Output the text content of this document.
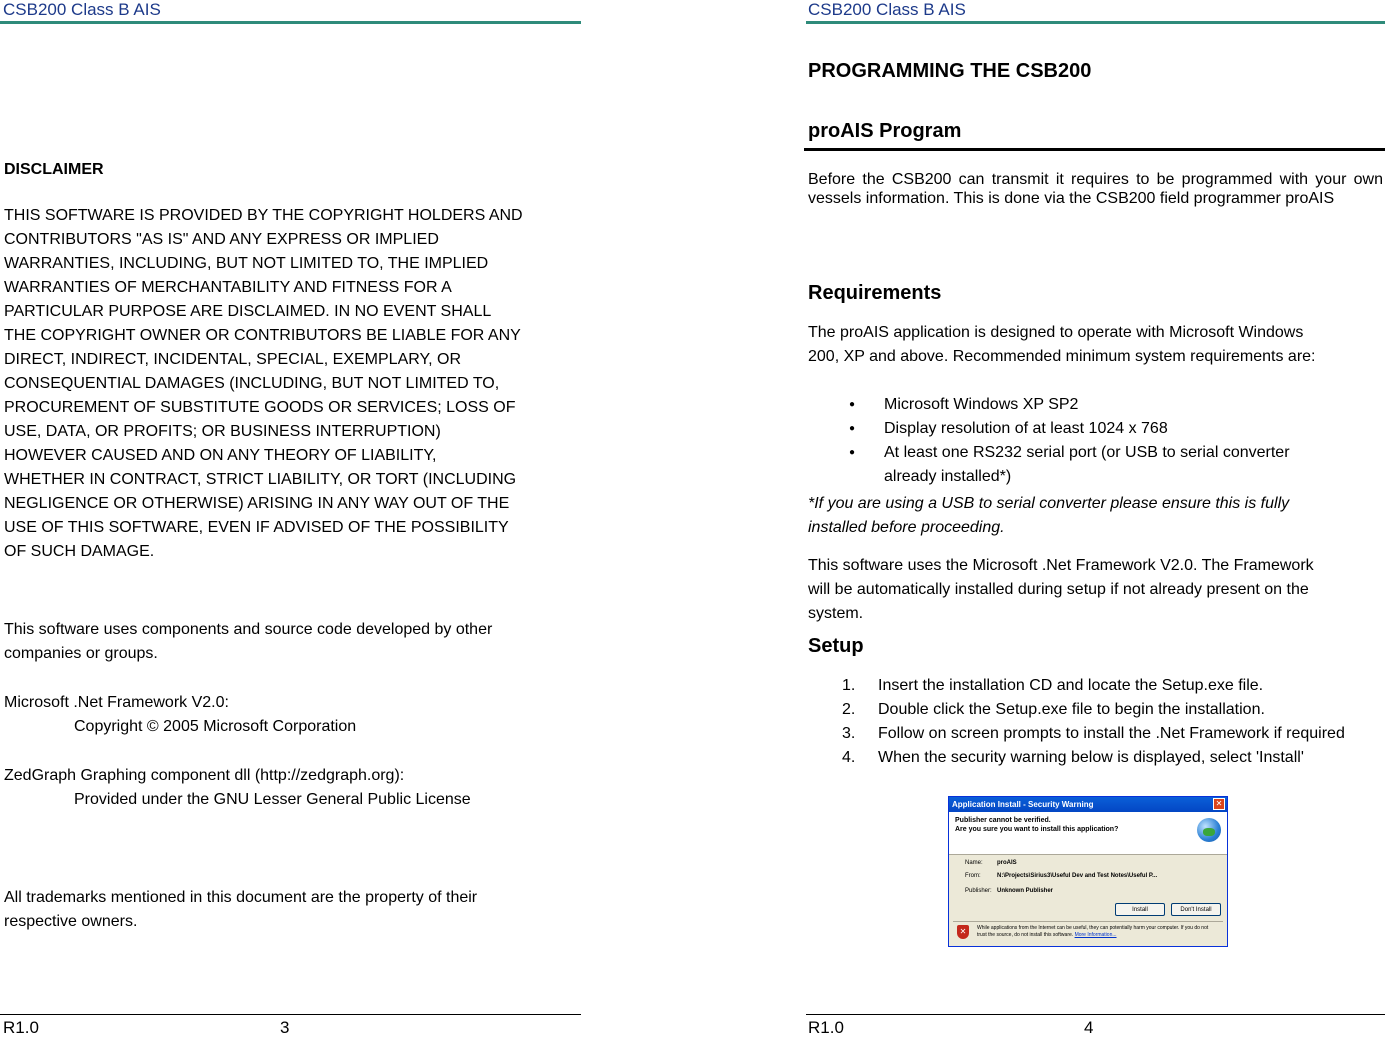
CSB200 Class B AIS
DISCLAIMER
THIS SOFTWARE IS PROVIDED BY THE COPYRIGHT HOLDERS AND
CONTRIBUTORS "AS IS" AND ANY EXPRESS OR IMPLIED
WARRANTIES, INCLUDING, BUT NOT LIMITED TO, THE IMPLIED
WARRANTIES OF MERCHANTABILITY AND FITNESS FOR A
PARTICULAR PURPOSE ARE DISCLAIMED. IN NO EVENT SHALL
THE COPYRIGHT OWNER OR CONTRIBUTORS BE LIABLE FOR ANY
DIRECT, INDIRECT, INCIDENTAL, SPECIAL, EXEMPLARY, OR
CONSEQUENTIAL DAMAGES (INCLUDING, BUT NOT LIMITED TO,
PROCUREMENT OF SUBSTITUTE GOODS OR SERVICES; LOSS OF
USE, DATA, OR PROFITS; OR BUSINESS INTERRUPTION)
HOWEVER CAUSED AND ON ANY THEORY OF LIABILITY,
WHETHER IN CONTRACT, STRICT LIABILITY, OR TORT (INCLUDING
NEGLIGENCE OR OTHERWISE) ARISING IN ANY WAY OUT OF THE
USE OF THIS SOFTWARE, EVEN IF ADVISED OF THE POSSIBILITY
OF SUCH DAMAGE.
This software uses components and source code developed by other
companies or groups.
Microsoft .Net Framework V2.0:
Copyright © 2005 Microsoft Corporation
ZedGraph Graphing component dll (http://zedgraph.org):
Provided under the GNU Lesser General Public License
All trademarks mentioned in this document are the property of their
respective owners.
R1.0	3
CSB200 Class B AIS
PROGRAMMING THE CSB200
proAIS Program
Before the CSB200 can transmit it requires to be programmed with your own vessels information. This is done via the CSB200 field programmer proAIS
Requirements
The proAIS application is designed to operate with Microsoft Windows
200, XP and above. Recommended minimum system requirements are:
● Microsoft Windows XP SP2
● Display resolution of at least 1024 x 768
● At least one RS232 serial port (or USB to serial converter already installed*)
*If you are using a USB to serial converter please ensure this is fully
installed before proceeding.
This software uses the Microsoft .Net Framework V2.0. The Framework
will be automatically installed during setup if not already present on the
system.
Setup
1. Insert the installation CD and locate the Setup.exe file.
2. Double click the Setup.exe file to begin the installation.
3. Follow on screen prompts to install the .Net Framework if required
4. When the security warning below is displayed, select 'Install'
Application Install - Security Warning	✕
Publisher cannot be verified.
Are you sure you want to install this application?
Name: proAIS
From:	N:\Projects\Sirius3\Useful Dev and Test Notes\Useful P...
Publisher: Unknown Publisher
Install	Don't Install
✕	While applications from the Internet can be useful, they can potentially harm your computer. If you do not trust the source, do not install this software. More Information...
R1.0	4
